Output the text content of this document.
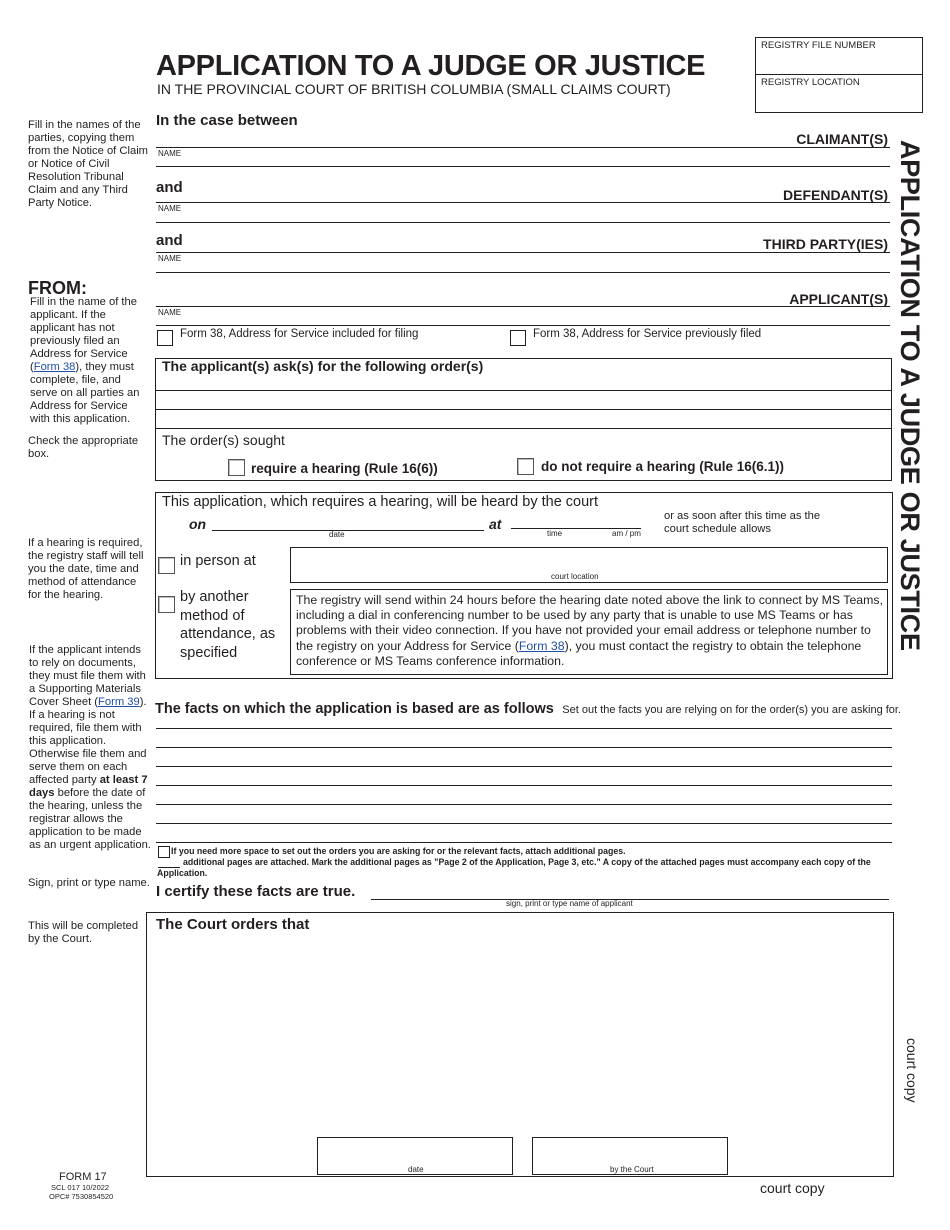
APPLICATION TO A JUDGE OR JUSTICE
IN THE PROVINCIAL COURT OF BRITISH COLUMBIA (SMALL CLAIMS COURT)
REGISTRY FILE NUMBER
REGISTRY LOCATION
APPLICATION TO A JUDGE OR JUSTICE
Fill in the names of the parties, copying them from the Notice of Claim or Notice of Civil Resolution Tribunal Claim and any Third Party Notice.
FROM:
Fill in the name of the applicant. If the applicant has not previously filed an Address for Service (Form 38), they must complete, file, and serve on all parties an Address for Service with this application.
Check the appropriate box.
If a hearing is required, the registry staff will tell you the date, time and method of attendance for the hearing.
If the applicant intends to rely on documents, they must file them with a Supporting Materials Cover Sheet (Form 39). If a hearing is not required, file them with this application. Otherwise file them and serve them on each affected party at least 7 days before the date of the hearing, unless the registrar allows the application to be made as an urgent application.
Sign, print or type name.
This will be completed by the Court.
In the case between
CLAIMANT(S)
NAME
and	DEFENDANT(S)
NAME
and	THIRD PARTY(IES)
NAME
APPLICANT(S)
NAME
Form 38, Address for Service included for filing	Form 38, Address for Service previously filed
The applicant(s) ask(s) for the following order(s)
The order(s) sought
require a hearing (Rule 16(6))	do not require a hearing (Rule 16(6.1))
This application, which requires a hearing, will be heard by the court
on
date
at
time	am / pm
or as soon after this time as the court schedule allows
in person at
court location
by another method of attendance, as specified
The registry will send within 24 hours before the hearing date noted above the link to connect by MS Teams, including a dial in conferencing number to be used by any party that is unable to use MS Teams or has problems with their video connection. If you have not provided your email address or telephone number to the registry on your Address for Service (Form 38), you must contact the registry to obtain the telephone conference or MS Teams conference information.
The facts on which the application is based are as follows Set out the facts you are relying on for the order(s) you are asking for.
If you need more space to set out the orders you are asking for or the relevant facts, attach additional pages.
additional pages are attached. Mark the additional pages as "Page 2 of the Application, Page 3, etc." A copy of the attached pages must accompany each copy of the Application.
I certify these facts are true.
sign, print or type name of applicant
The Court orders that
date	by the Court
court copy
FORM 17
SCL 017 10/2022
OPC# 7530854520
court copy
